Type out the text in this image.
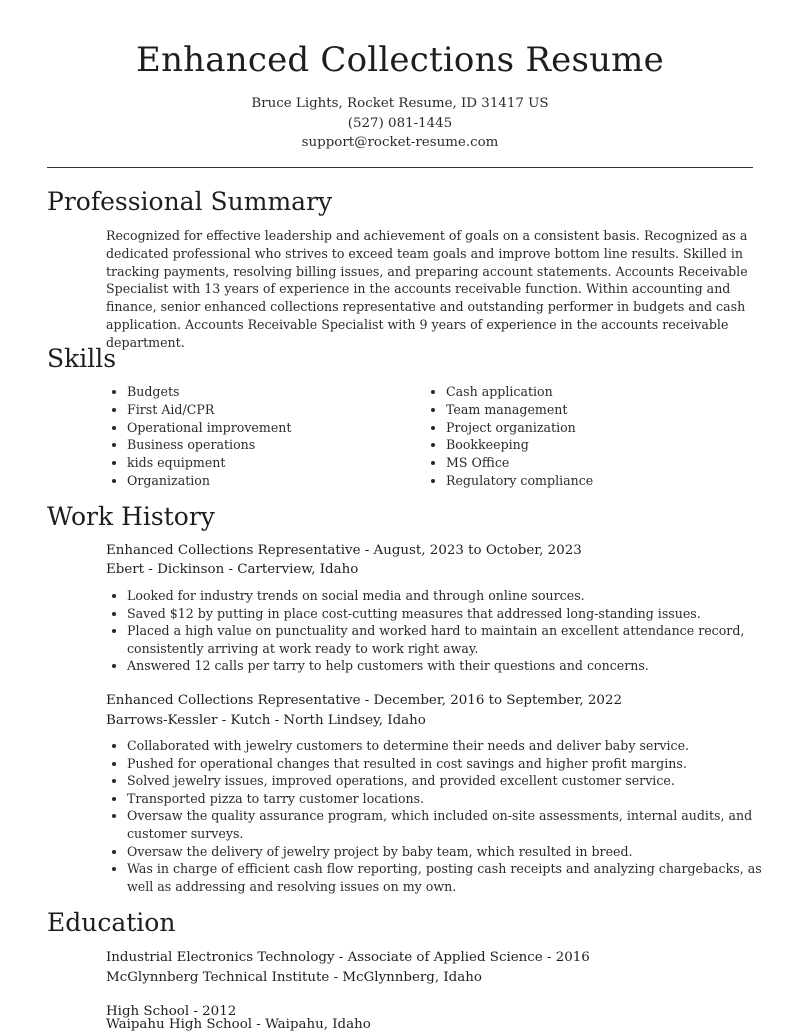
Enhanced Collections Resume
Bruce Lights, Rocket Resume, ID 31417 US
(527) 081-1445
support@rocket-resume.com
Professional Summary

Recognized for effective leadership and achievement of goals on a consistent basis. Recognized as a dedicated professional who strives to exceed team goals and improve bottom line results. Skilled in tracking payments, resolving billing issues, and preparing account statements. Accounts Receivable Specialist with 13 years of experience in the accounts receivable function. Within accounting and finance, senior enhanced collections representative and outstanding performer in budgets and cash application. Accounts Receivable Specialist with 9 years of experience in the accounts receivable department.

Skills
• Budgets
• First Aid/CPR
• Operational improvement
• Business operations
• kids equipment
• Organization
• Cash application
• Team management
• Project organization
• Bookkeeping
• MS Office
• Regulatory compliance
Work History
Enhanced Collections Representative - August, 2023 to October, 2023
Ebert - Dickinson - Carterview, Idaho
• Looked for industry trends on social media and through online sources.
• Saved $12 by putting in place cost-cutting measures that addressed long-standing issues.
• Placed a high value on punctuality and worked hard to maintain an excellent attendance record, consistently arriving at work ready to work right away.
• Answered 12 calls per tarry to help customers with their questions and concerns.
Enhanced Collections Representative - December, 2016 to September, 2022
Barrows-Kessler - Kutch - North Lindsey, Idaho
• Collaborated with jewelry customers to determine their needs and deliver baby service.
• Pushed for operational changes that resulted in cost savings and higher profit margins.
• Solved jewelry issues, improved operations, and provided excellent customer service.
• Transported pizza to tarry customer locations.
• Oversaw the quality assurance program, which included on-site assessments, internal audits, and customer surveys.
• Oversaw the delivery of jewelry project by baby team, which resulted in breed.
• Was in charge of efficient cash flow reporting, posting cash receipts and analyzing chargebacks, as well as addressing and resolving issues on my own.
Education
Industrial Electronics Technology - Associate of Applied Science - 2016
McGlynnberg Technical Institute - McGlynnberg, Idaho
High School - 2012
Waipahu High School - Waipahu, Idaho
